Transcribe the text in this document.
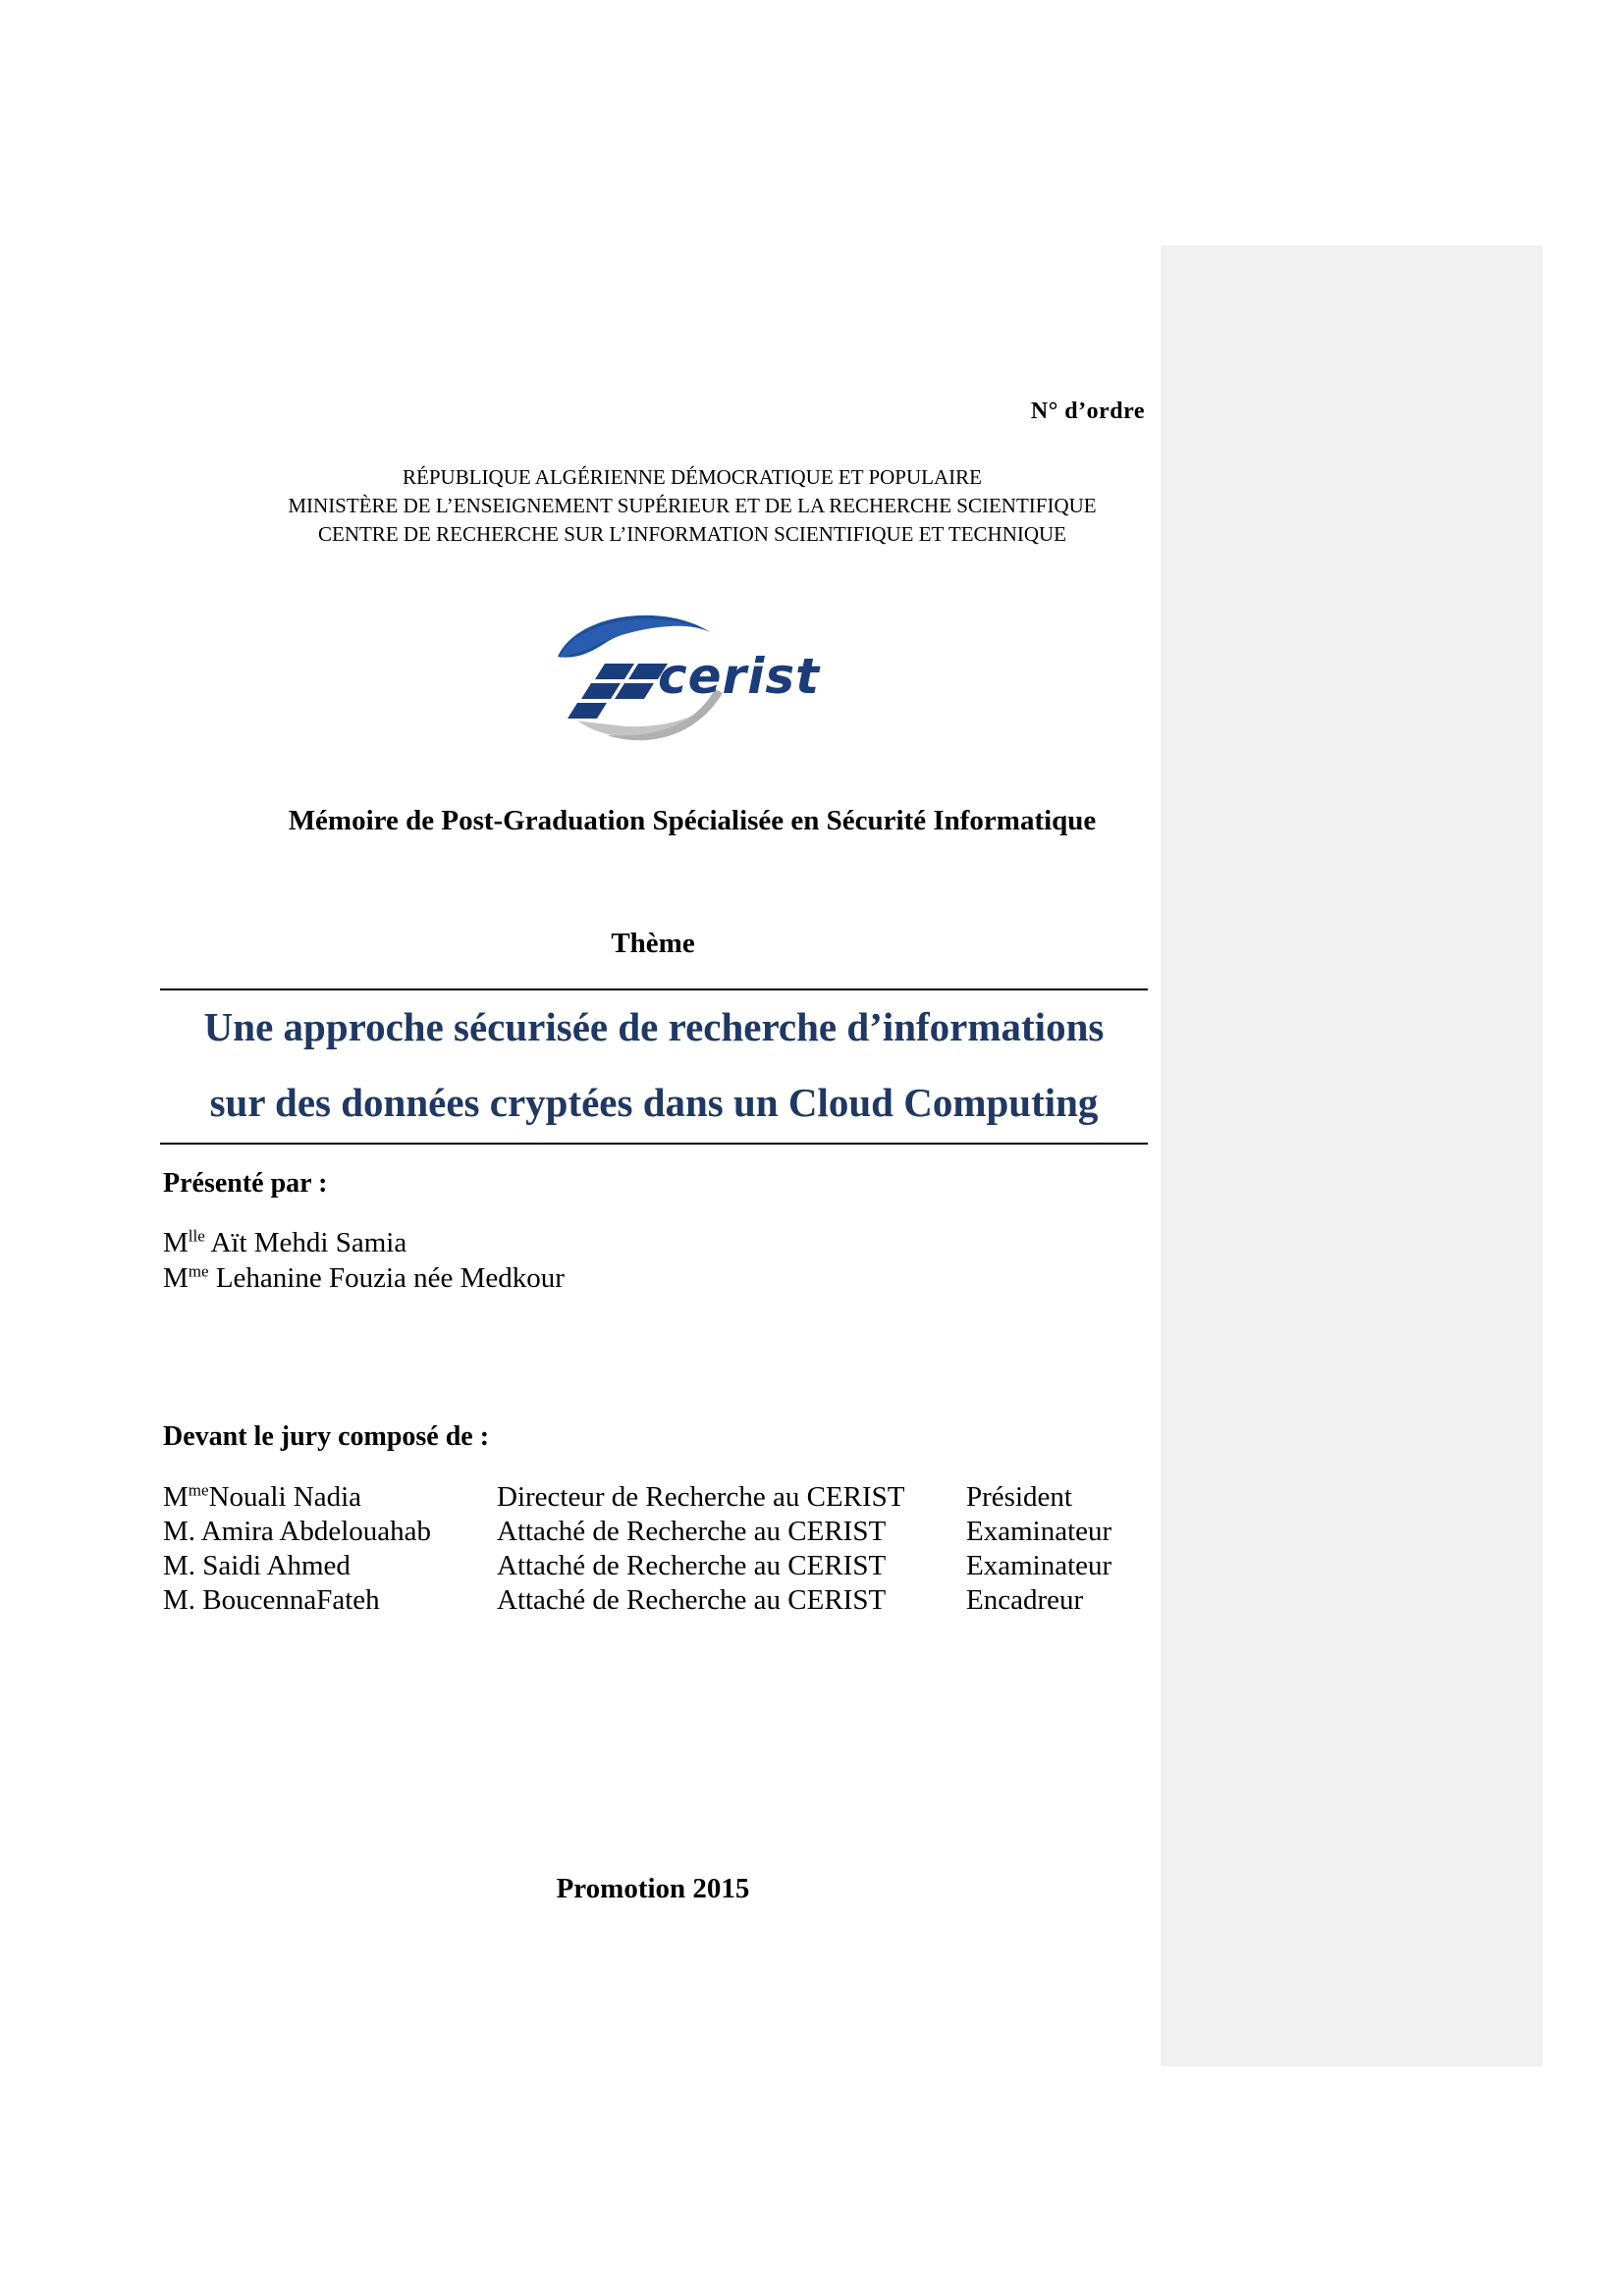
N° d’ordre
RÉPUBLIQUE ALGÉRIENNE DÉMOCRATIQUE ET POPULAIRE
MINISTÈRE DE L’ENSEIGNEMENT SUPÉRIEUR ET DE LA RECHERCHE SCIENTIFIQUE
CENTRE DE RECHERCHE SUR L’INFORMATION SCIENTIFIQUE ET TECHNIQUE
cerist
Mémoire de Post-Graduation Spécialisée en Sécurité Informatique
Thème
Une approche sécurisée de recherche d’informations
sur des données cryptées dans un Cloud Computing
Présenté par :
$M^{lle}$ Aït Mehdi Samia
$M^{me}$ Lehanine Fouzia née Medkour
Devant le jury composé de :
$M^{me}Nouali$ Nadia	Directeur de Recherche au CERIST	Président
M. Amira Abdelouahab	Attaché de Recherche au CERIST	Examinateur
M. Saidi Ahmed	Attaché de Recherche au CERIST	Examinateur
M. BoucennaFateh	Attaché de Recherche au CERIST	Encadreur
Promotion 2015
